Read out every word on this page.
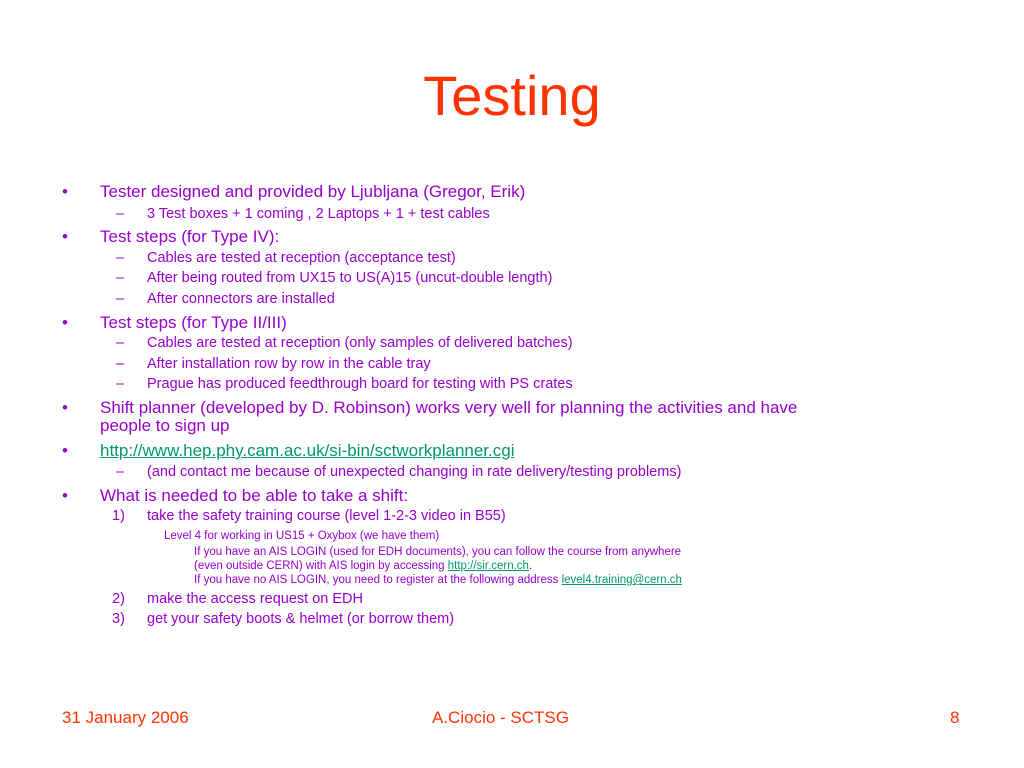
Testing
• Tester designed and provided by Ljubljana (Gregor, Erik)
– 3 Test boxes + 1 coming , 2 Laptops + 1 + test cables
• Test steps (for Type IV):
– Cables are tested at reception (acceptance test)
– After being routed from UX15 to US(A)15 (uncut-double length)
– After connectors are installed
• Test steps (for Type II/III)
– Cables are tested at reception (only samples of delivered batches)
– After installation row by row in the cable tray
– Prague has produced feedthrough board for testing with PS crates
• Shift planner (developed by D. Robinson) works very well for planning the activities and have
people to sign up
• http://www.hep.phy.cam.ac.uk/si-bin/sctworkplanner.cgi
– (and contact me because of unexpected changing in rate delivery/testing problems)
• What is needed to be able to take a shift:
1) take the safety training course (level 1-2-3 video in B55)
Level 4 for working in US15 + Oxybox (we have them)
If you have an AIS LOGIN (used for EDH documents), you can follow the course from anywhere
(even outside CERN) with AIS login by accessing http://sir.cern.ch.
If you have no AIS LOGIN, you need to register at the following address level4.training@cern.ch
2) make the access request on EDH
3) get your safety boots & helmet (or borrow them)
31 January 2006	A.Ciocio - SCTSG	8
